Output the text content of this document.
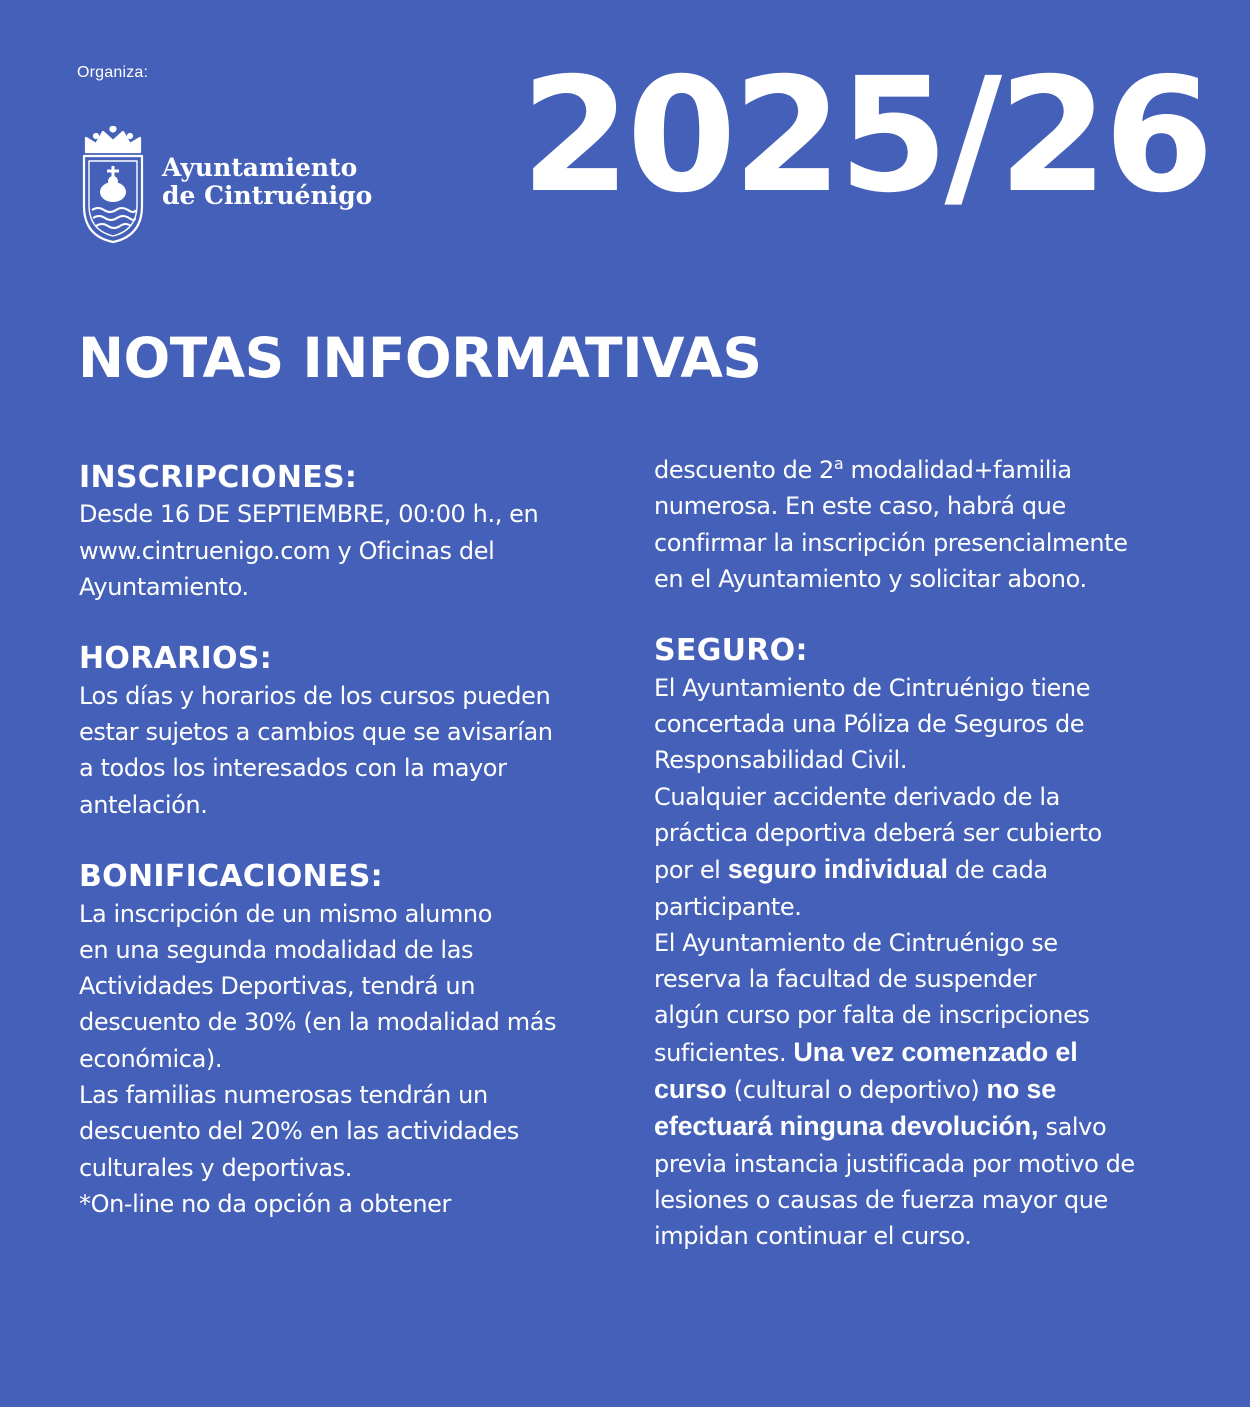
Organiza:
Ayuntamiento
de Cintruénigo 2025/26
NOTAS INFORMATIVAS
INSCRIPCIONES:
Desde 16 DE SEPTIEMBRE, 00:00 h., en
www.cintruenigo.com y Oficinas del
Ayuntamiento.
HORARIOS:
Los días y horarios de los cursos pueden
estar sujetos a cambios que se avisarían
a todos los interesados con la mayor
antelación.
BONIFICACIONES:
La inscripción de un mismo alumno
en una segunda modalidad de las
Actividades Deportivas, tendrá un
descuento de 30% (en la modalidad más
económica).
Las familias numerosas tendrán un
descuento del 20% en las actividades
culturales y deportivas.
*On-line no da opción a obtener
descuento de 2$^a$ modalidad+familia
numerosa. En este caso, habrá que
confirmar la inscripción presencialmente
en el Ayuntamiento y solicitar abono.
SEGURO:
El Ayuntamiento de Cintruénigo tiene
concertada una Póliza de Seguros de
Responsabilidad Civil.
Cualquier accidente derivado de la
práctica deportiva deberá ser cubierto
por el seguro individual de cada
participante.
El Ayuntamiento de Cintruénigo se
reserva la facultad de suspender
algún curso por falta de inscripciones
suficientes. Una vez comenzado el
curso (cultural o deportivo) no se
efectuará ninguna devolución, salvo
previa instancia justificada por motivo de
lesiones o causas de fuerza mayor que
impidan continuar el curso.
